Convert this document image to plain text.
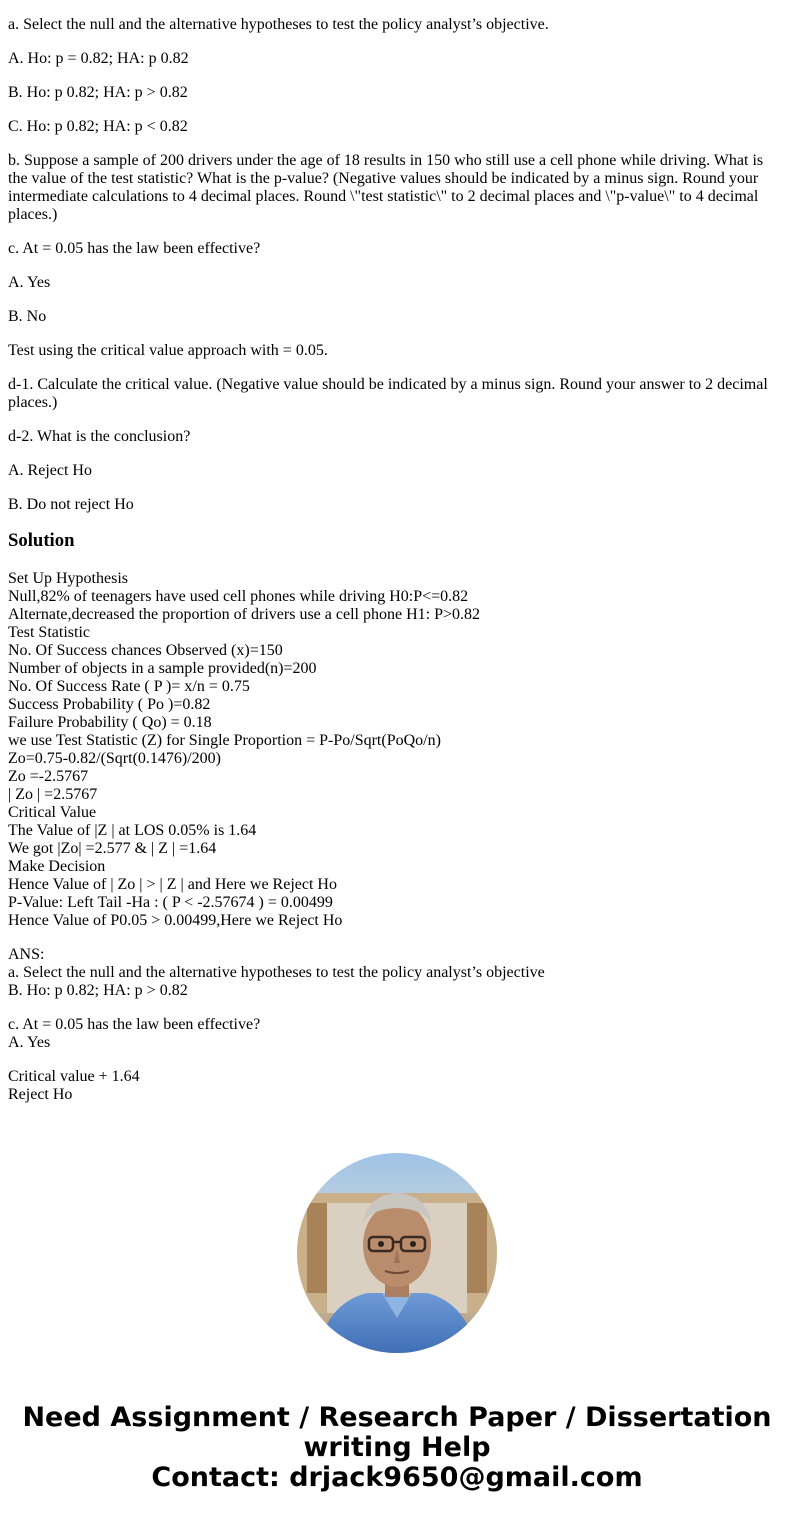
a. Select the null and the alternative hypotheses to test the policy analyst’s objective.

A. Ho: p = 0.82; HA: p 0.82

B. Ho: p 0.82; HA: p > 0.82

C. Ho: p 0.82; HA: p < 0.82

b. Suppose a sample of 200 drivers under the age of 18 results in 150 who still use a cell phone while driving. What is the value of the test statistic? What is the p-value? (Negative values should be indicated by a minus sign. Round your intermediate calculations to 4 decimal places. Round \"test statistic\" to 2 decimal places and \"p-value\" to 4 decimal places.)

c. At = 0.05 has the law been effective?

A. Yes

B. No

Test using the critical value approach with = 0.05.

d-1. Calculate the critical value. (Negative value should be indicated by a minus sign. Round your answer to 2 decimal places.)

d-2. What is the conclusion?

A. Reject Ho

B. Do not reject Ho

Solution
Set Up Hypothesis
Null,82% of teenagers have used cell phones while driving H0:P<=0.82
Alternate,decreased the proportion of drivers use a cell phone H1: P>0.82
Test Statistic
No. Of Success chances Observed (x)=150
Number of objects in a sample provided(n)=200
No. Of Success Rate ( P )= x/n = 0.75
Success Probability ( Po )=0.82
Failure Probability ( Qo) = 0.18
we use Test Statistic (Z) for Single Proportion = P-Po/Sqrt(PoQo/n)
Zo=0.75-0.82/(Sqrt(0.1476)/200)
Zo =-2.5767
| Zo | =2.5767
Critical Value
The Value of |Z | at LOS 0.05% is 1.64
We got |Zo| =2.577 & | Z | =1.64
Make Decision
Hence Value of | Zo | > | Z | and Here we Reject Ho
P-Value: Left Tail -Ha : ( P < -2.57674 ) = 0.00499
Hence Value of P0.05 > 0.00499,Here we Reject Ho
ANS:
a. Select the null and the alternative hypotheses to test the policy analyst’s objective
B. Ho: p 0.82; HA: p > 0.82
c. At = 0.05 has the law been effective?
A. Yes
Critical value + 1.64
Reject Ho
Need Assignment / Research Paper / Dissertation
writing Help
Contact: drjack9650@gmail.com
